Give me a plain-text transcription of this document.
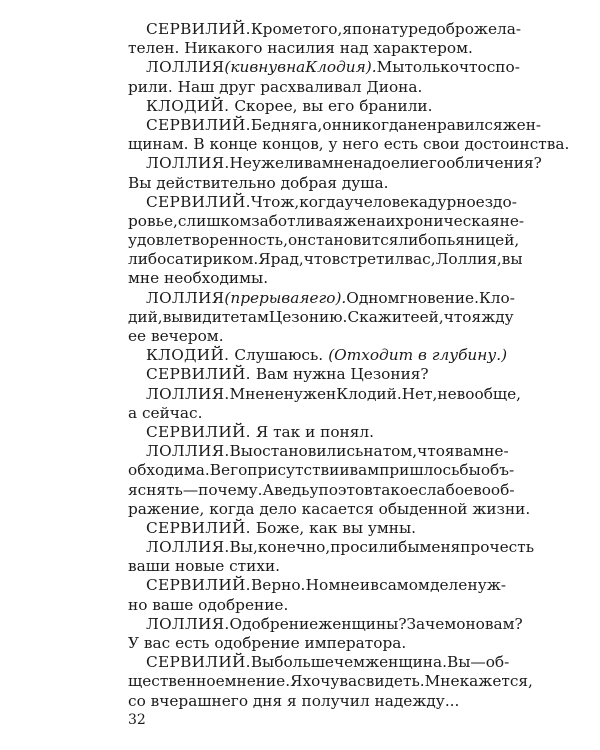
СЕРВИЛИЙ. Кроме того, я по натуре доброжела-
телен. Никакого насилия над характером.
ЛОЛЛИЯ (кивнув на Клодия). Мы только что спо-
рили. Наш друг расхваливал Диона.
КЛОДИЙ. Скорее, вы его бранили.
СЕРВИЛИЙ. Бедняга, он никогда не нравился жен-
щинам. В конце концов, у него есть свои достоинства.
ЛОЛЛИЯ. Неужели вам не надоели его обличения?
Вы действительно добрая душа.
СЕРВИЛИЙ. Что ж, когда у человека дурное здо-
ровье, слишком заботливая жена и хроническая не-
удовлетворенность, он становится либо пьяницей,
либо сатириком. Я рад, что встретил вас, Лоллия, вы
мне необходимы.
ЛОЛЛИЯ (прерывая его). Одно мгновение. Кло-
дий, вы видите там Цезонию. Скажите ей, что я жду
ее вечером.
КЛОДИЙ. Слушаюсь. (Отходит в глубину.)
СЕРВИЛИЙ. Вам нужна Цезония?
ЛОЛЛИЯ. Мне не нужен Клодий. Нет, не вообще,
а сейчас.
СЕРВИЛИЙ. Я так и понял.
ЛОЛЛИЯ. Вы остановились на том, что я вам не-
обходима. В его присутствии вам пришлось бы объ-
яснять — почему. А ведь у поэтов такое слабое вооб-
ражение, когда дело касается обыденной жизни.
СЕРВИЛИЙ. Боже, как вы умны.
ЛОЛЛИЯ. Вы, конечно, просили бы меня прочесть
ваши новые стихи.
СЕРВИЛИЙ. Верно. Но мне и в самом деле нуж-
но ваше одобрение.
ЛОЛЛИЯ. Одобрение женщины? Зачем оно вам?
У вас есть одобрение императора.
СЕРВИЛИЙ. Вы больше чем женщина. Вы — об-
щественное мнение. Я хочу вас видеть. Мне кажется,
со вчерашнего дня я получил надежду...
32
